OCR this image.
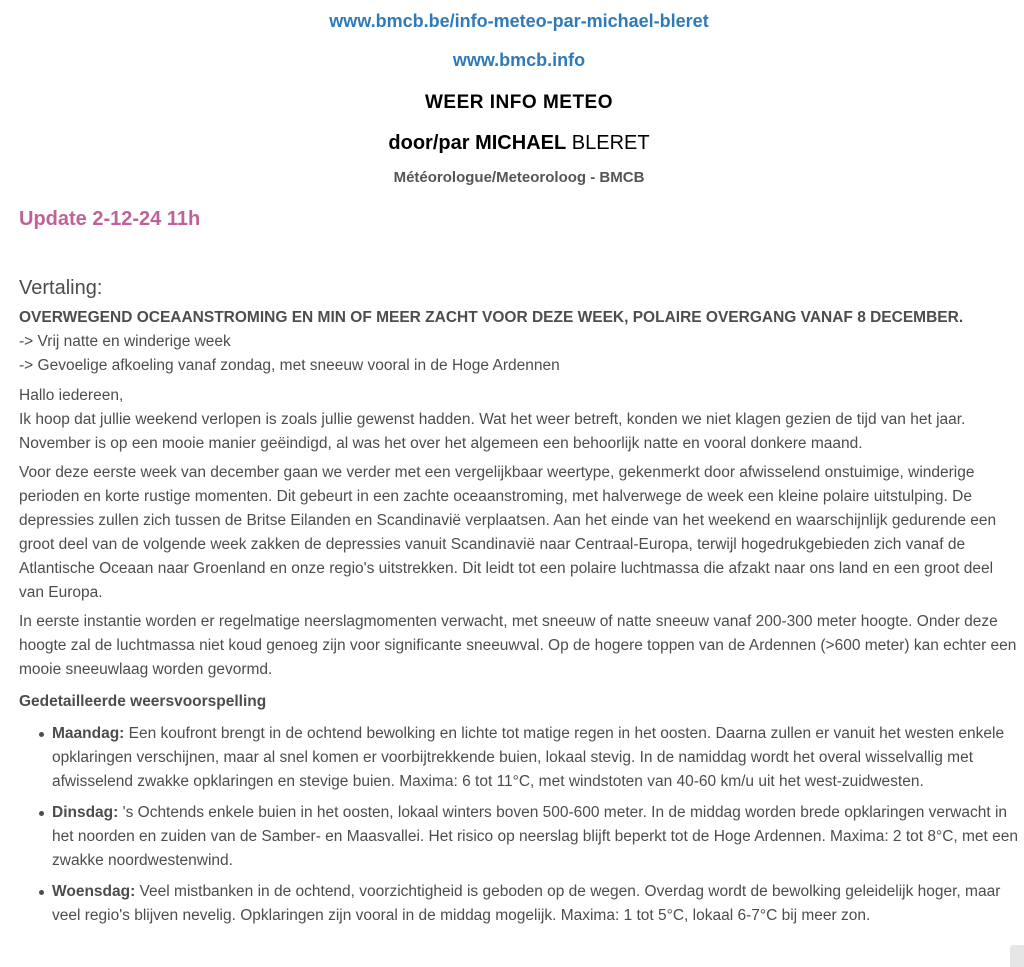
www.bmcb.be/info-meteo-par-michael-bleret
www.bmcb.info
WEER INFO METEO
door/par MICHAEL BLERET
Météorologue/Meteoroloog - BMCB
Update 2-12-24 11h
Vertaling:
OVERWEGEND OCEAANSTROMING EN MIN OF MEER ZACHT VOOR DEZE WEEK, POLAIRE OVERGANG VANAF 8 DECEMBER.

-> Vrij natte en winderige week

-> Gevoelige afkoeling vanaf zondag, met sneeuw vooral in de Hoge Ardennen

Hallo iedereen,

Ik hoop dat jullie weekend verlopen is zoals jullie gewenst hadden. Wat het weer betreft, konden we niet klagen gezien de tijd van het jaar. November is op een mooie manier geëindigd, al was het over het algemeen een behoorlijk natte en vooral donkere maand.

Voor deze eerste week van december gaan we verder met een vergelijkbaar weertype, gekenmerkt door afwisselend onstuimige, winderige perioden en korte rustige momenten. Dit gebeurt in een zachte oceaanstroming, met halverwege de week een kleine polaire uitstulping. De depressies zullen zich tussen de Britse Eilanden en Scandinavië verplaatsen. Aan het einde van het weekend en waarschijnlijk gedurende een groot deel van de volgende week zakken de depressies vanuit Scandinavië naar Centraal-Europa, terwijl hogedrukgebieden zich vanaf de Atlantische Oceaan naar Groenland en onze regio's uitstrekken. Dit leidt tot een polaire luchtmassa die afzakt naar ons land en een groot deel van Europa.

In eerste instantie worden er regelmatige neerslagmomenten verwacht, met sneeuw of natte sneeuw vanaf 200-300 meter hoogte. Onder deze hoogte zal de luchtmassa niet koud genoeg zijn voor significante sneeuwval. Op de hogere toppen van de Ardennen (>600 meter) kan echter een mooie sneeuwlaag worden gevormd.

Gedetailleerde weersvoorspelling
Maandag: Een koufront brengt in de ochtend bewolking en lichte tot matige regen in het oosten. Daarna zullen er vanuit het westen enkele opklaringen verschijnen, maar al snel komen er voorbijtrekkende buien, lokaal stevig. In de namiddag wordt het overal wisselvallig met afwisselend zwakke opklaringen en stevige buien. Maxima: 6 tot 11°C, met windstoten van 40-60 km/u uit het west-zuidwesten.
Dinsdag: 's Ochtends enkele buien in het oosten, lokaal winters boven 500-600 meter. In de middag worden brede opklaringen verwacht in het noorden en zuiden van de Samber- en Maasvallei. Het risico op neerslag blijft beperkt tot de Hoge Ardennen. Maxima: 2 tot 8°C, met een zwakke noordwestenwind.
Woensdag: Veel mistbanken in de ochtend, voorzichtigheid is geboden op de wegen. Overdag wordt de bewolking geleidelijk hoger, maar veel regio's blijven nevelig. Opklaringen zijn vooral in de middag mogelijk. Maxima: 1 tot 5°C, lokaal 6-7°C bij meer zon.
